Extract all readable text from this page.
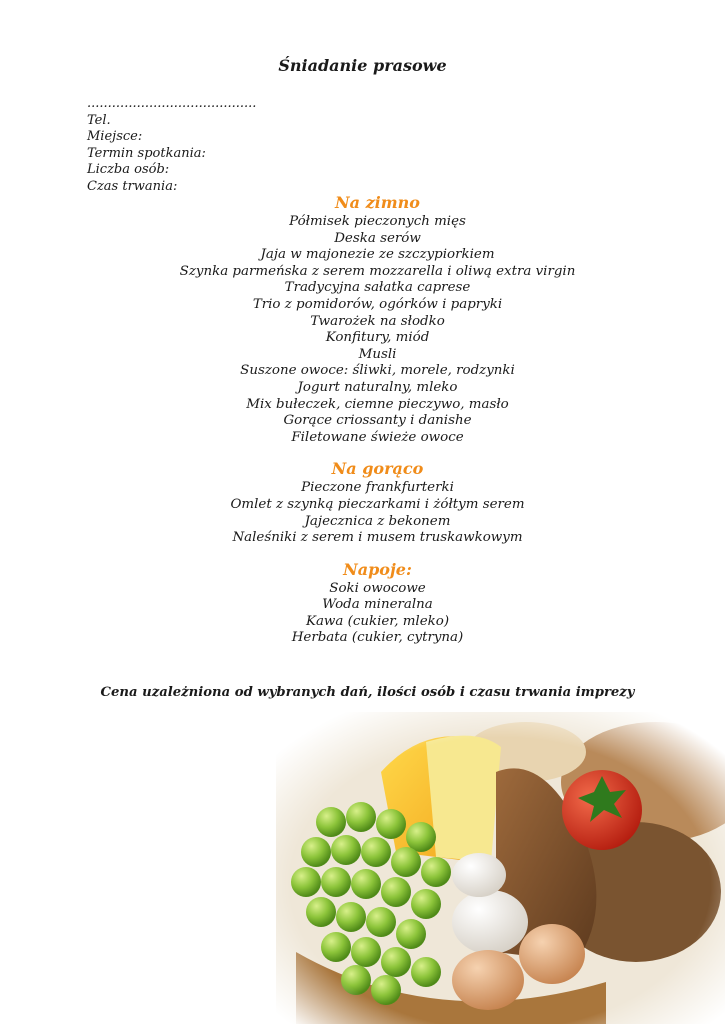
Śniadanie prasowe
.........................................
Tel.
Miejsce:
Termin spotkania:
Liczba osób:
Czas trwania:
Na zimno
Półmisek pieczonych mięs
Deska serów
Jaja w majonezie ze szczypiorkiem
Szynka parmeńska z serem mozzarella i oliwą extra virgin
Tradycyjna sałatka caprese
Trio z pomidorów, ogórków i papryki
Twarożek na słodko
Konfitury, miód
Musli
Suszone owoce: śliwki, morele, rodzynki
Jogurt naturalny, mleko
Mix bułeczek, ciemne pieczywo, masło
Gorące criossanty i danishe
Filetowane świeże owoce
Na gorąco
Pieczone frankfurterki
Omlet z szynką pieczarkami i żółtym serem
Jajecznica z bekonem
Naleśniki z serem i musem truskawkowym
Napoje:
Soki owocowe
Woda mineralna
Kawa (cukier, mleko)
Herbata (cukier, cytryna)
Cena uzależniona od wybranych dań, ilości osób i czasu trwania imprezy
